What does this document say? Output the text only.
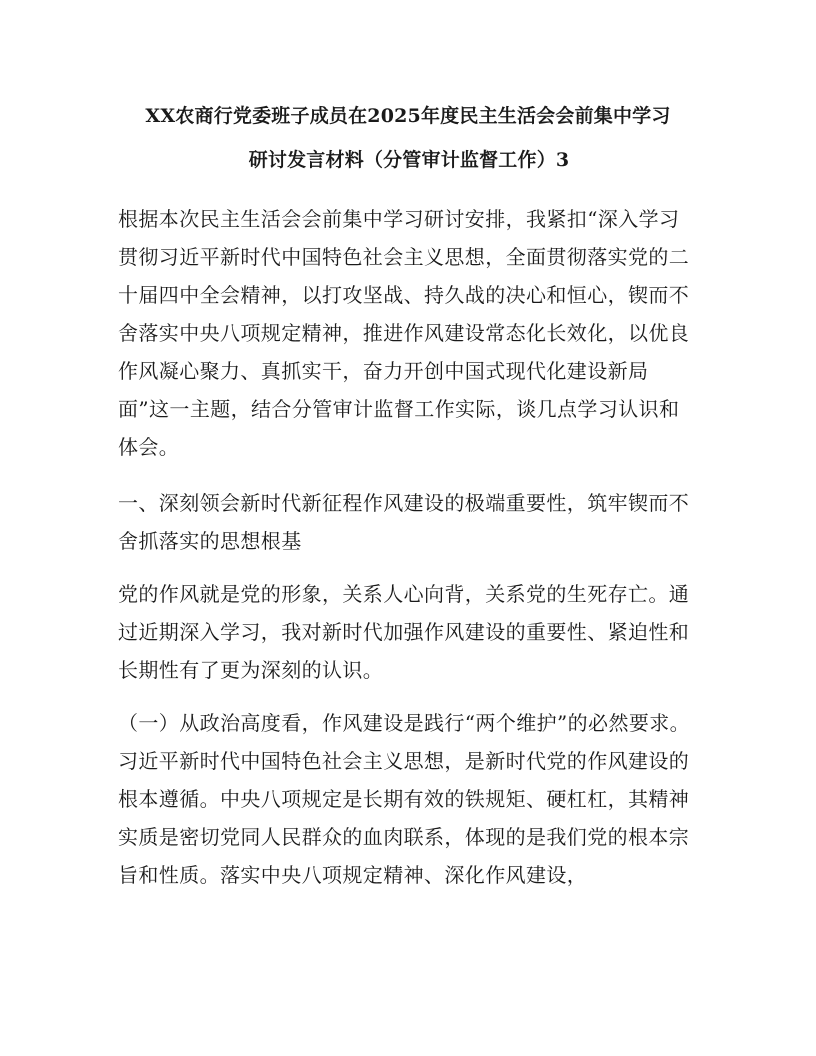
XX农商行党委班子成员在2025年度民主生活会会前集中学习
研讨发言材料（分管审计监督工作）3

根据本次民主生活会会前集中学习研讨安排，我紧扣“深入学习贯彻习近平新时代中国特色社会主义思想，全面贯彻落实党的二十届四中全会精神，以打攻坚战、持久战的决心和恒心，锲而不舍落实中央八项规定精神，推进作风建设常态化长效化，以优良作风凝心聚力、真抓实干，奋力开创中国式现代化建设新局面”这一主题，结合分管审计监督工作实际，谈几点学习认识和体会。

一、深刻领会新时代新征程作风建设的极端重要性，筑牢锲而不舍抓落实的思想根基

党的作风就是党的形象，关系人心向背，关系党的生死存亡。通过近期深入学习，我对新时代加强作风建设的重要性、紧迫性和长期性有了更为深刻的认识。

（一）从政治高度看，作风建设是践行“两个维护”的必然要求。习近平新时代中国特色社会主义思想，是新时代党的作风建设的根本遵循。中央八项规定是长期有效的铁规矩、硬杠杠，其精神实质是密切党同人民群众的血肉联系，体现的是我们党的根本宗旨和性质。落实中央八项规定精神、深化作风建设，
